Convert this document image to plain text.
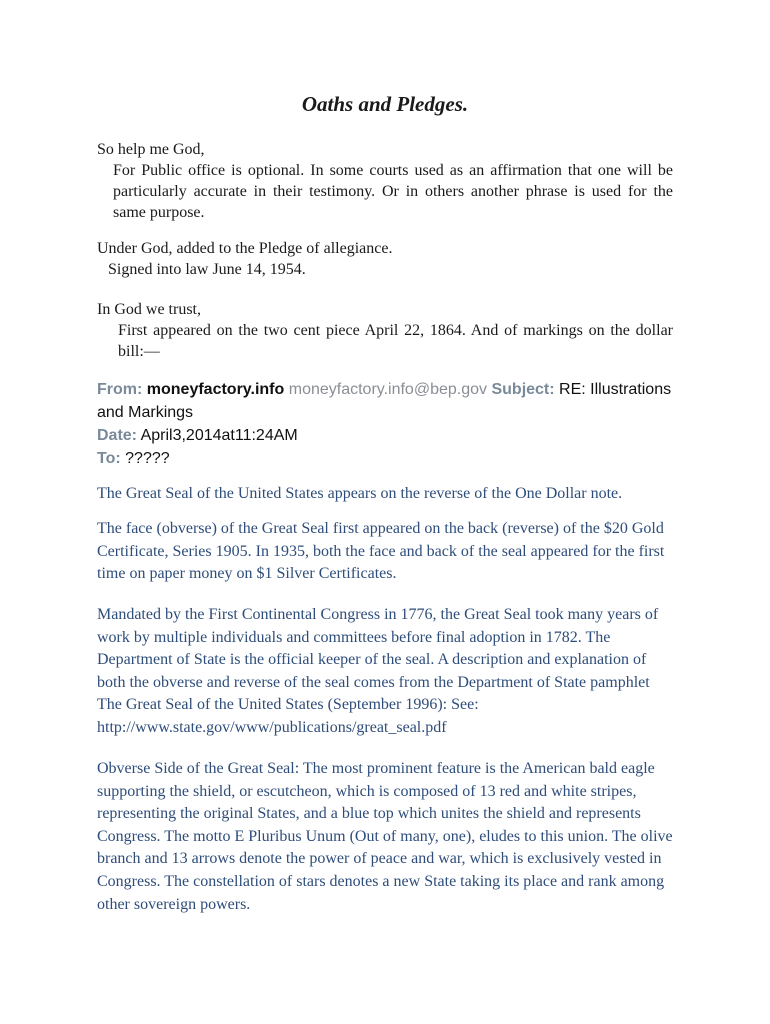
Oaths and Pledges.
So help me God,
For Public office is optional. In some courts used as an affirmation that one will be particularly accurate in their testimony. Or in others another phrase is used for the same purpose.
Under God, added to the Pledge of allegiance.
Signed into law June 14, 1954.
In God we trust,
First appeared on the two cent piece April 22, 1864. And of markings on the dollar bill:—
From: moneyfactory.info moneyfactory.info@bep.gov Subject: RE: Illustrations and Markings
Date: April3,2014at11:24AM
To: ?????

The Great Seal of the United States appears on the reverse of the One Dollar note.

The face (obverse) of the Great Seal first appeared on the back (reverse) of the $20 Gold Certificate, Series 1905. In 1935, both the face and back of the seal appeared for the first time on paper money on $1 Silver Certificates.

Mandated by the First Continental Congress in 1776, the Great Seal took many years of work by multiple individuals and committees before final adoption in 1782. The Department of State is the official keeper of the seal. A description and explanation of both the obverse and reverse of the seal comes from the Department of State pamphlet The Great Seal of the United States (September 1996): See: http://www.state.gov/www/publications/great_seal.pdf

Obverse Side of the Great Seal: The most prominent feature is the American bald eagle supporting the shield, or escutcheon, which is composed of 13 red and white stripes, representing the original States, and a blue top which unites the shield and represents Congress. The motto E Pluribus Unum (Out of many, one), eludes to this union. The olive branch and 13 arrows denote the power of peace and war, which is exclusively vested in Congress. The constellation of stars denotes a new State taking its place and rank among other sovereign powers.
